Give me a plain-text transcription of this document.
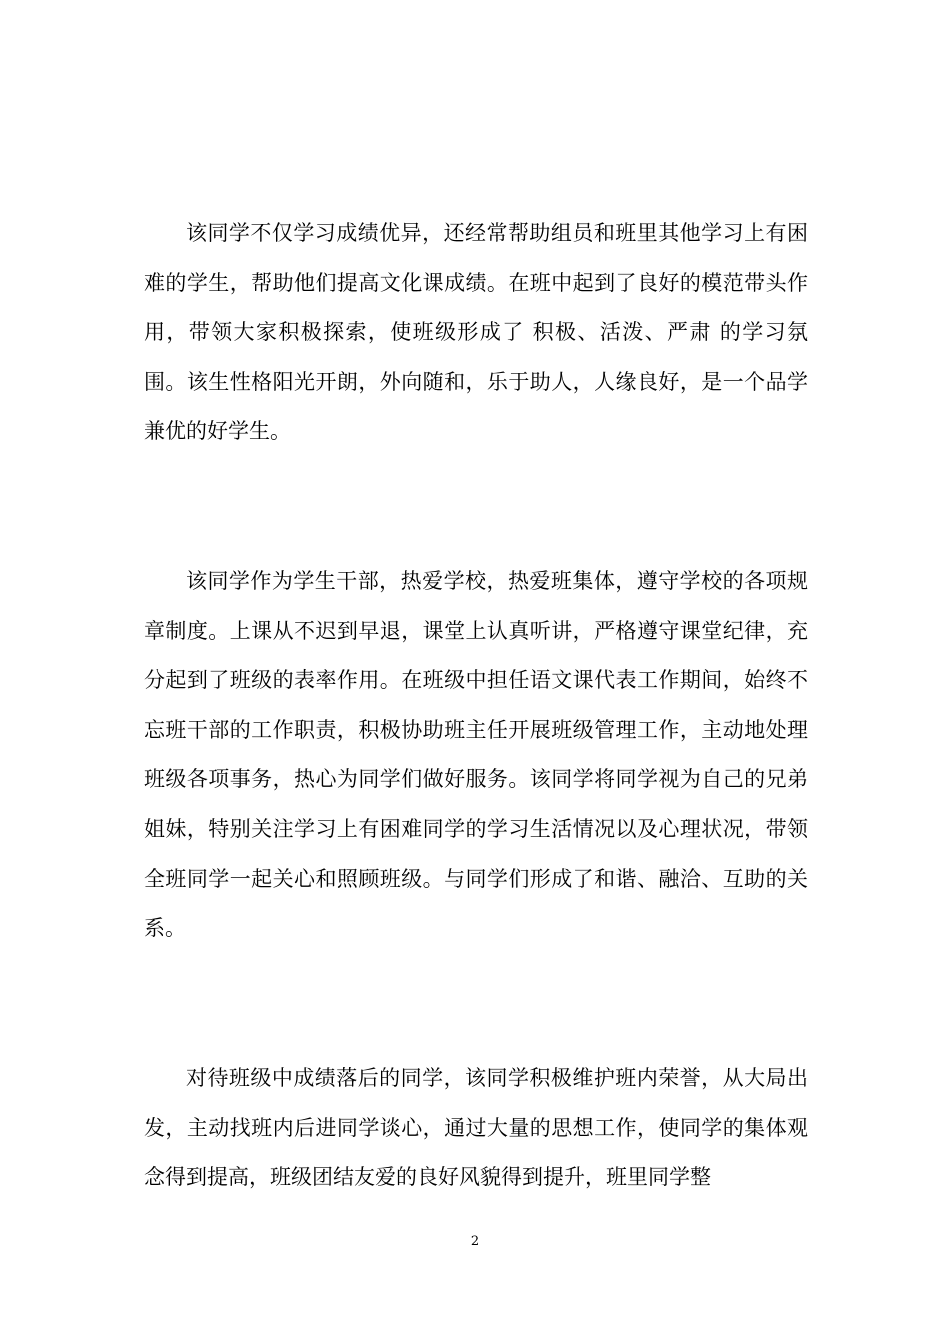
该同学不仅学习成绩优异，还经常帮助组员和班里其他学习上有困难的学生，帮助他们提高文化课成绩。在班中起到了良好的模范带头作用，带领大家积极探索，使班级形成了 积极、活泼、严肃 的学习氛围。该生性格阳光开朗，外向随和，乐于助人，人缘良好，是一个品学兼优的好学生。

该同学作为学生干部，热爱学校，热爱班集体，遵守学校的各项规章制度。上课从不迟到早退，课堂上认真听讲，严格遵守课堂纪律，充分起到了班级的表率作用。在班级中担任语文课代表工作期间，始终不忘班干部的工作职责，积极协助班主任开展班级管理工作，主动地处理班级各项事务，热心为同学们做好服务。该同学将同学视为自己的兄弟姐妹，特别关注学习上有困难同学的学习生活情况以及心理状况，带领全班同学一起关心和照顾班级。与同学们形成了和谐、融洽、互助的关系。

对待班级中成绩落后的同学，该同学积极维护班内荣誉，从大局出发，主动找班内后进同学谈心，通过大量的思想工作，使同学的集体观念得到提高，班级团结友爱的良好风貌得到提升，班里同学整

2
